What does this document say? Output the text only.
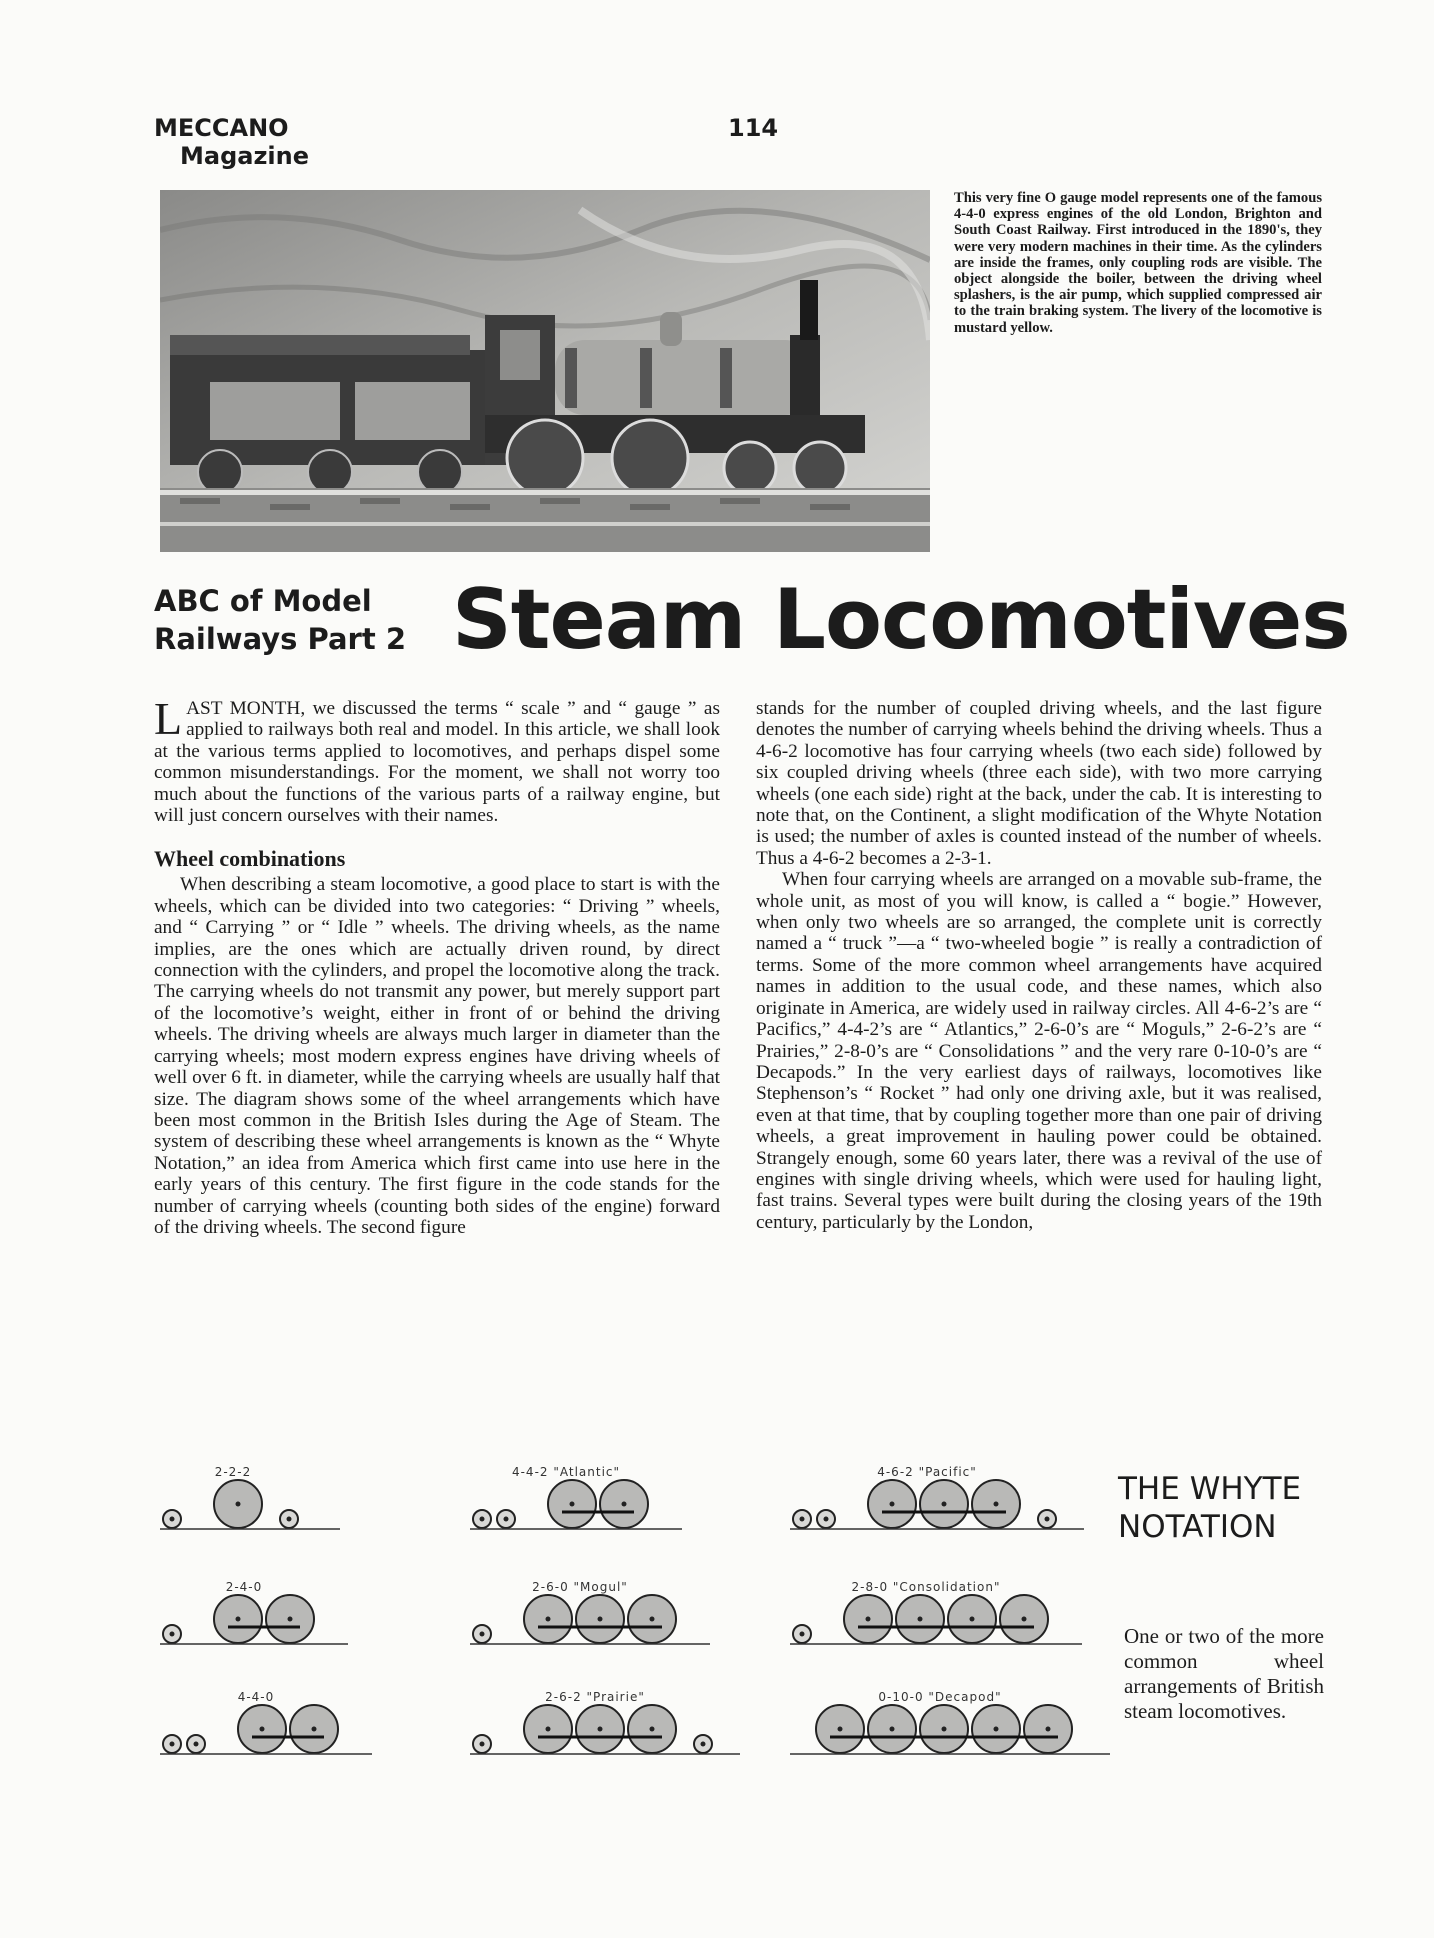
MECCANO
Magazine
114
This very fine O gauge model represents one of the famous 4-4-0 express engines of the old London, Brighton and South Coast Railway. First introduced in the 1890's, they were very modern machines in their time. As the cylinders are inside the frames, only coupling rods are visible. The object alongside the boiler, between the driving wheel splashers, is the air pump, which supplied compressed air to the train braking system. The livery of the locomotive is mustard yellow.
ABC of Model
Railways Part 2 Steam Locomotives

LAST MONTH, we discussed the terms “ scale ” and “ gauge ” as applied to railways both real and model. In this article, we shall look at the various terms applied to locomotives, and perhaps dispel some common misunderstandings. For the moment, we shall not worry too much about the functions of the various parts of a railway engine, but will just concern ourselves with their names.

Wheel combinations

When describing a steam locomotive, a good place to start is with the wheels, which can be divided into two categories: “ Driving ” wheels, and “ Carrying ” or “ Idle ” wheels. The driving wheels, as the name implies, are the ones which are actually driven round, by direct connection with the cylinders, and propel the locomotive along the track. The carrying wheels do not transmit any power, but merely support part of the locomotive’s weight, either in front of or behind the driving wheels. The driving wheels are always much larger in diameter than the carrying wheels; most modern express engines have driving wheels of well over 6 ft. in diameter, while the carrying wheels are usually half that size. The diagram shows some of the wheel arrangements which have been most common in the British Isles during the Age of Steam. The system of describing these wheel arrangements is known as the “ Whyte Notation,” an idea from America which first came into use here in the early years of this century. The first figure in the code stands for the number of carrying wheels (counting both sides of the engine) forward of the driving wheels. The second figure

stands for the number of coupled driving wheels, and the last figure denotes the number of carrying wheels behind the driving wheels. Thus a 4-6-2 locomotive has four carrying wheels (two each side) followed by six coupled driving wheels (three each side), with two more carrying wheels (one each side) right at the back, under the cab. It is interesting to note that, on the Continent, a slight modification of the Whyte Notation is used; the number of axles is counted instead of the number of wheels. Thus a 4-6-2 becomes a 2-3-1.

When four carrying wheels are arranged on a movable sub-frame, the whole unit, as most of you will know, is called a “ bogie.” However, when only two wheels are so arranged, the complete unit is correctly named a “ truck ”—a “ two-wheeled bogie ” is really a contradiction of terms. Some of the more common wheel arrangements have acquired names in addition to the usual code, and these names, which also originate in America, are widely used in railway circles. All 4-6-2’s are “ Pacifics,” 4-4-2’s are “ Atlantics,” 2-6-0’s are “ Moguls,” 2-6-2’s are “ Prairies,” 2-8-0’s are “ Consolidations ” and the very rare 0-10-0’s are “ Decapods.” In the very earliest days of railways, locomotives like Stephenson’s “ Rocket ” had only one driving axle, but it was realised, even at that time, that by coupling together more than one pair of driving wheels, a great improvement in hauling power could be obtained. Strangely enough, some 60 years later, there was a revival of the use of engines with single driving wheels, which were used for hauling light, fast trains. Several types were built during the closing years of the 19th century, particularly by the London,

2-2-2	4-4-2 "Atlantic"	4-6-2 "Pacific"
2-4-0	2-6-0 "Mogul"	2-8-0 "Consolidation"
4-4-0	2-6-2 "Prairie"	0-10-0 "Decapod"
THE WHYTE
NOTATION
One or two of the more common wheel arrangements of British steam locomotives.
